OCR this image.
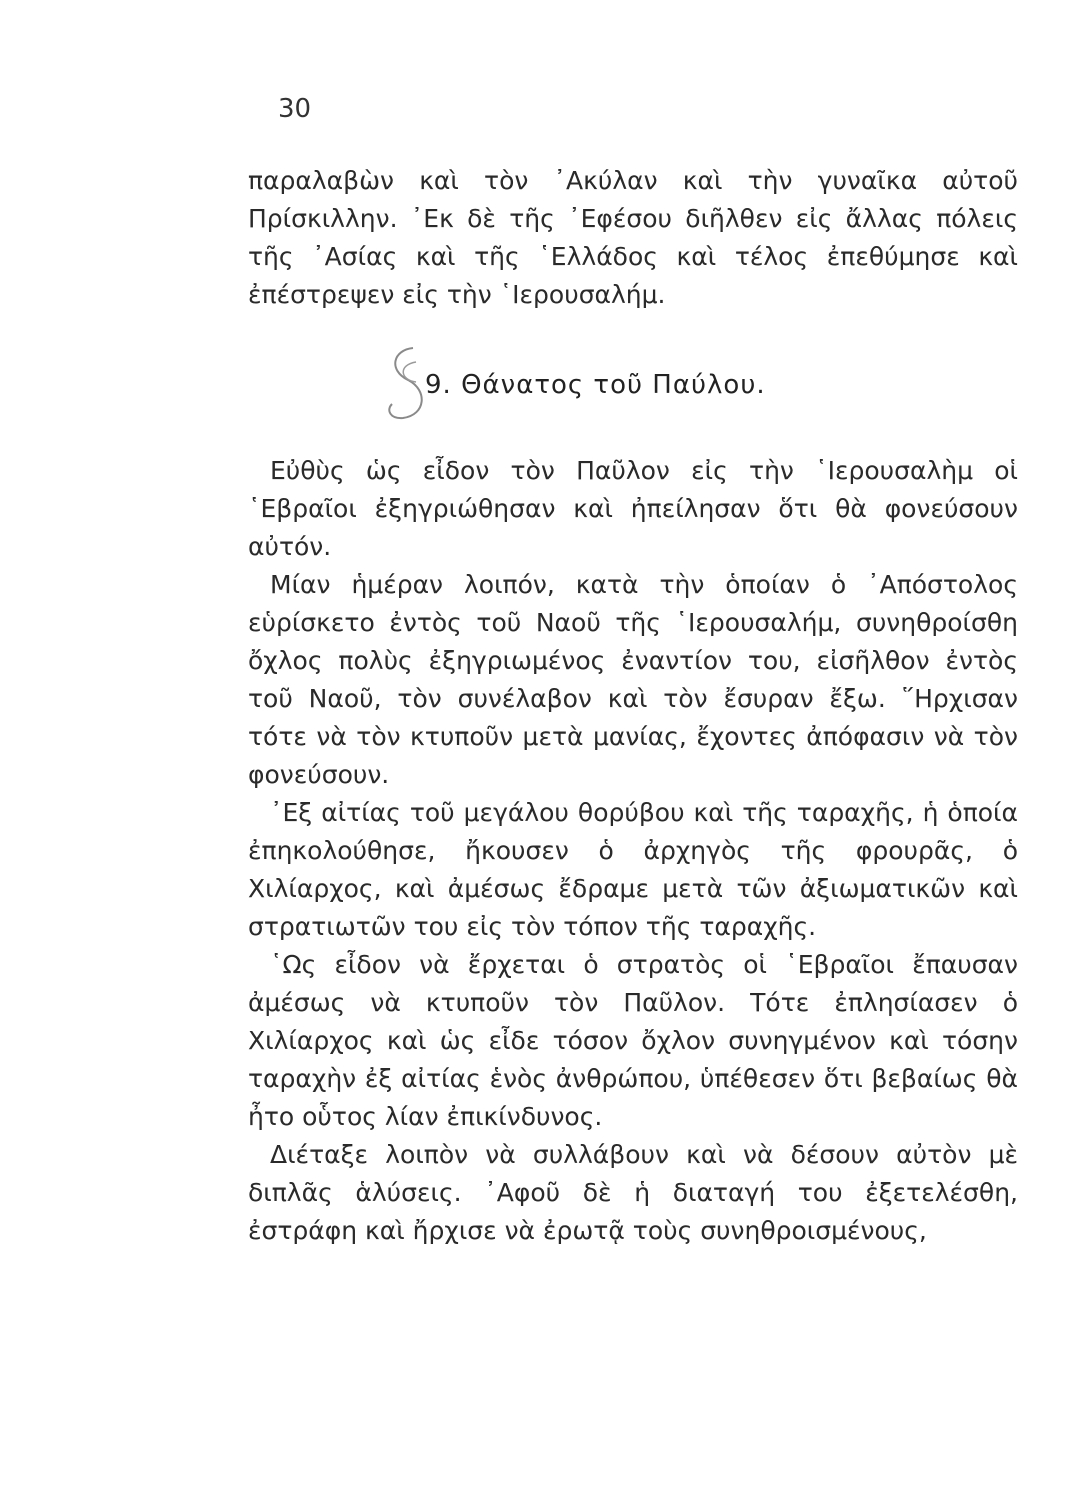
30

παραλαβὼν καὶ τὸν ᾿Ακύλαν καὶ τὴν γυναῖκα αὐτοῦ Πρίσκιλλην. ᾿Εκ δὲ τῆς ᾿Εφέσου διῆλθεν εἰς ἄλλας πόλεις τῆς ᾿Ασίας καὶ τῆς ῾Ελλάδος καὶ τέλος ἐπεθύμησε καὶ ἐπέστρεψεν εἰς τὴν ῾Ιερουσαλήμ.

9. Θάνατος τοῦ Παύλου.

Εὐθὺς ὡς εἶδον τὸν Παῦλον εἰς τὴν ῾Ιερουσαλὴμ οἱ ῾Εβραῖοι ἐξηγριώθησαν καὶ ἠπείλησαν ὅτι θὰ φονεύσουν αὐτόν.

Μίαν ἡμέραν λοιπόν, κατὰ τὴν ὁποίαν ὁ ᾿Απόστολος εὑρίσκετο ἐντὸς τοῦ Ναοῦ τῆς ῾Ιερουσαλήμ, συνηθροίσθη ὄχλος πολὺς ἐξηγριωμένος ἐναντίον του, εἰσῆλθον ἐντὸς τοῦ Ναοῦ, τὸν συνέλαβον καὶ τὸν ἔσυραν ἔξω. ῞Ηρχισαν τότε νὰ τὸν κτυποῦν μετὰ μανίας, ἔχοντες ἀπόφασιν νὰ τὸν φονεύσουν.

᾿Εξ αἰτίας τοῦ μεγάλου θορύβου καὶ τῆς ταραχῆς, ἡ ὁποία ἐπηκολούθησε, ἤκουσεν ὁ ἀρχηγὸς τῆς φρουρᾶς, ὁ Χιλίαρχος, καὶ ἀμέσως ἔδραμε μετὰ τῶν ἀξιωματικῶν καὶ στρατιωτῶν του εἰς τὸν τόπον τῆς ταραχῆς.

῾Ως εἶδον νὰ ἔρχεται ὁ στρατὸς οἱ ῾Εβραῖοι ἔπαυσαν ἀμέσως νὰ κτυποῦν τὸν Παῦλον. Τότε ἐπλησίασεν ὁ Χιλίαρχος καὶ ὡς εἶδε τόσον ὄχλον συνηγμένον καὶ τόσην ταραχὴν ἐξ αἰτίας ἑνὸς ἀνθρώπου, ὑπέθεσεν ὅτι βεβαίως θὰ ἦτο οὗτος λίαν ἐπικίνδυνος.

Διέταξε λοιπὸν νὰ συλλάβουν καὶ νὰ δέσουν αὐτὸν μὲ διπλᾶς ἁλύσεις. ᾿Αφοῦ δὲ ἡ διαταγή του ἐξετελέσθη, ἐστράφη καὶ ἤρχισε νὰ ἐρωτᾷ τοὺς συνηθροισμένους,
